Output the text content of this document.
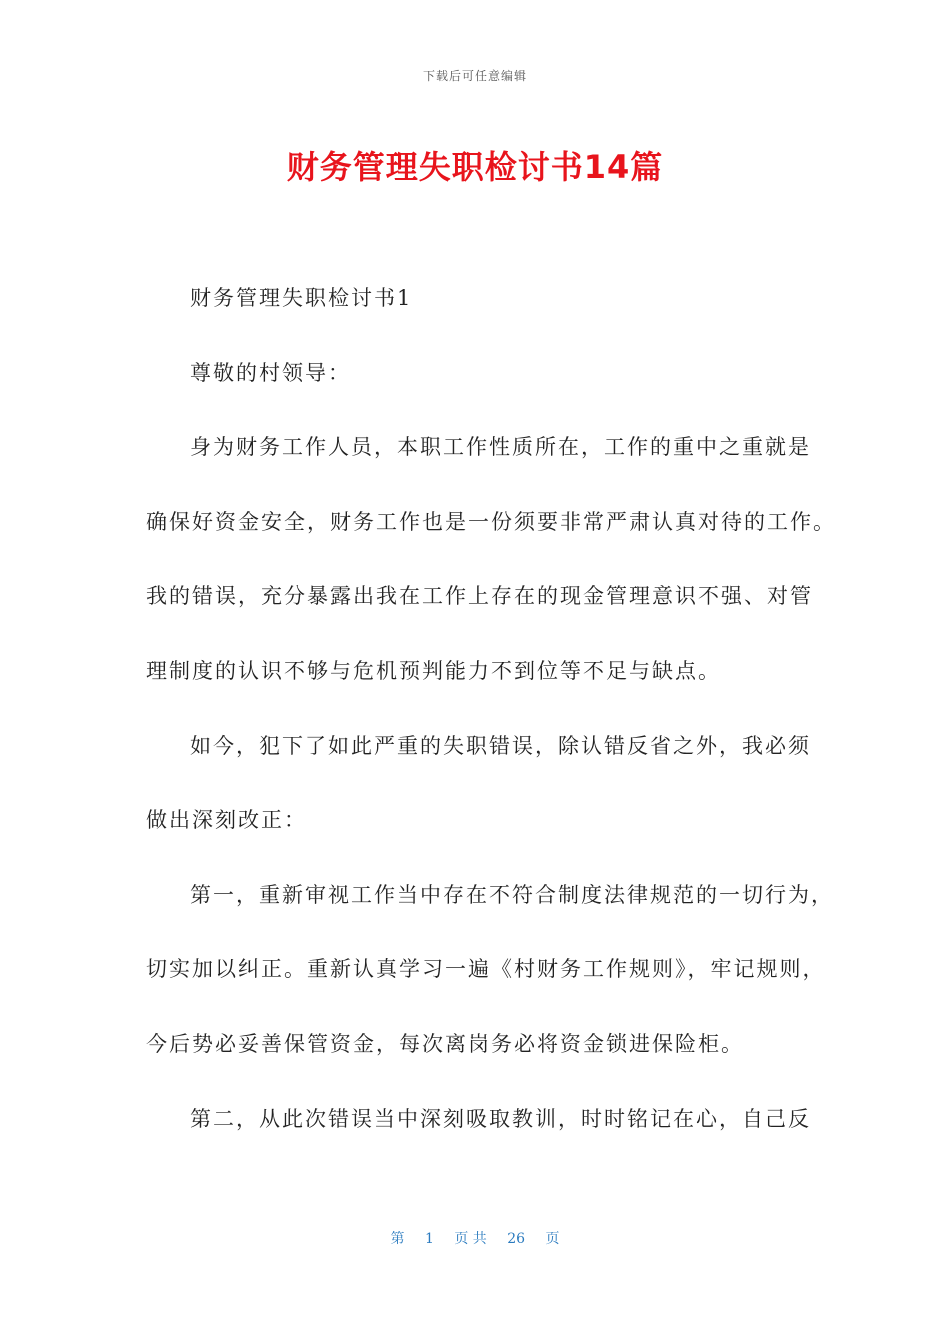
下载后可任意编辑
财务管理失职检讨书14篇
财务管理失职检讨书1
尊敬的村领导：
身为财务工作人员，本职工作性质所在，工作的重中之重就是
确保好资金安全，财务工作也是一份须要非常严肃认真对待的工作。
我的错误，充分暴露出我在工作上存在的现金管理意识不强、对管
理制度的认识不够与危机预判能力不到位等不足与缺点。
如今，犯下了如此严重的失职错误，除认错反省之外，我必须
做出深刻改正：
第一，重新审视工作当中存在不符合制度法律规范的一切行为，
切实加以纠正。重新认真学习一遍《村财务工作规则》，牢记规则，
今后势必妥善保管资金，每次离岗务必将资金锁进保险柜。
第二，从此次错误当中深刻吸取教训，时时铭记在心，自己反
第 1 页 共 26 页
